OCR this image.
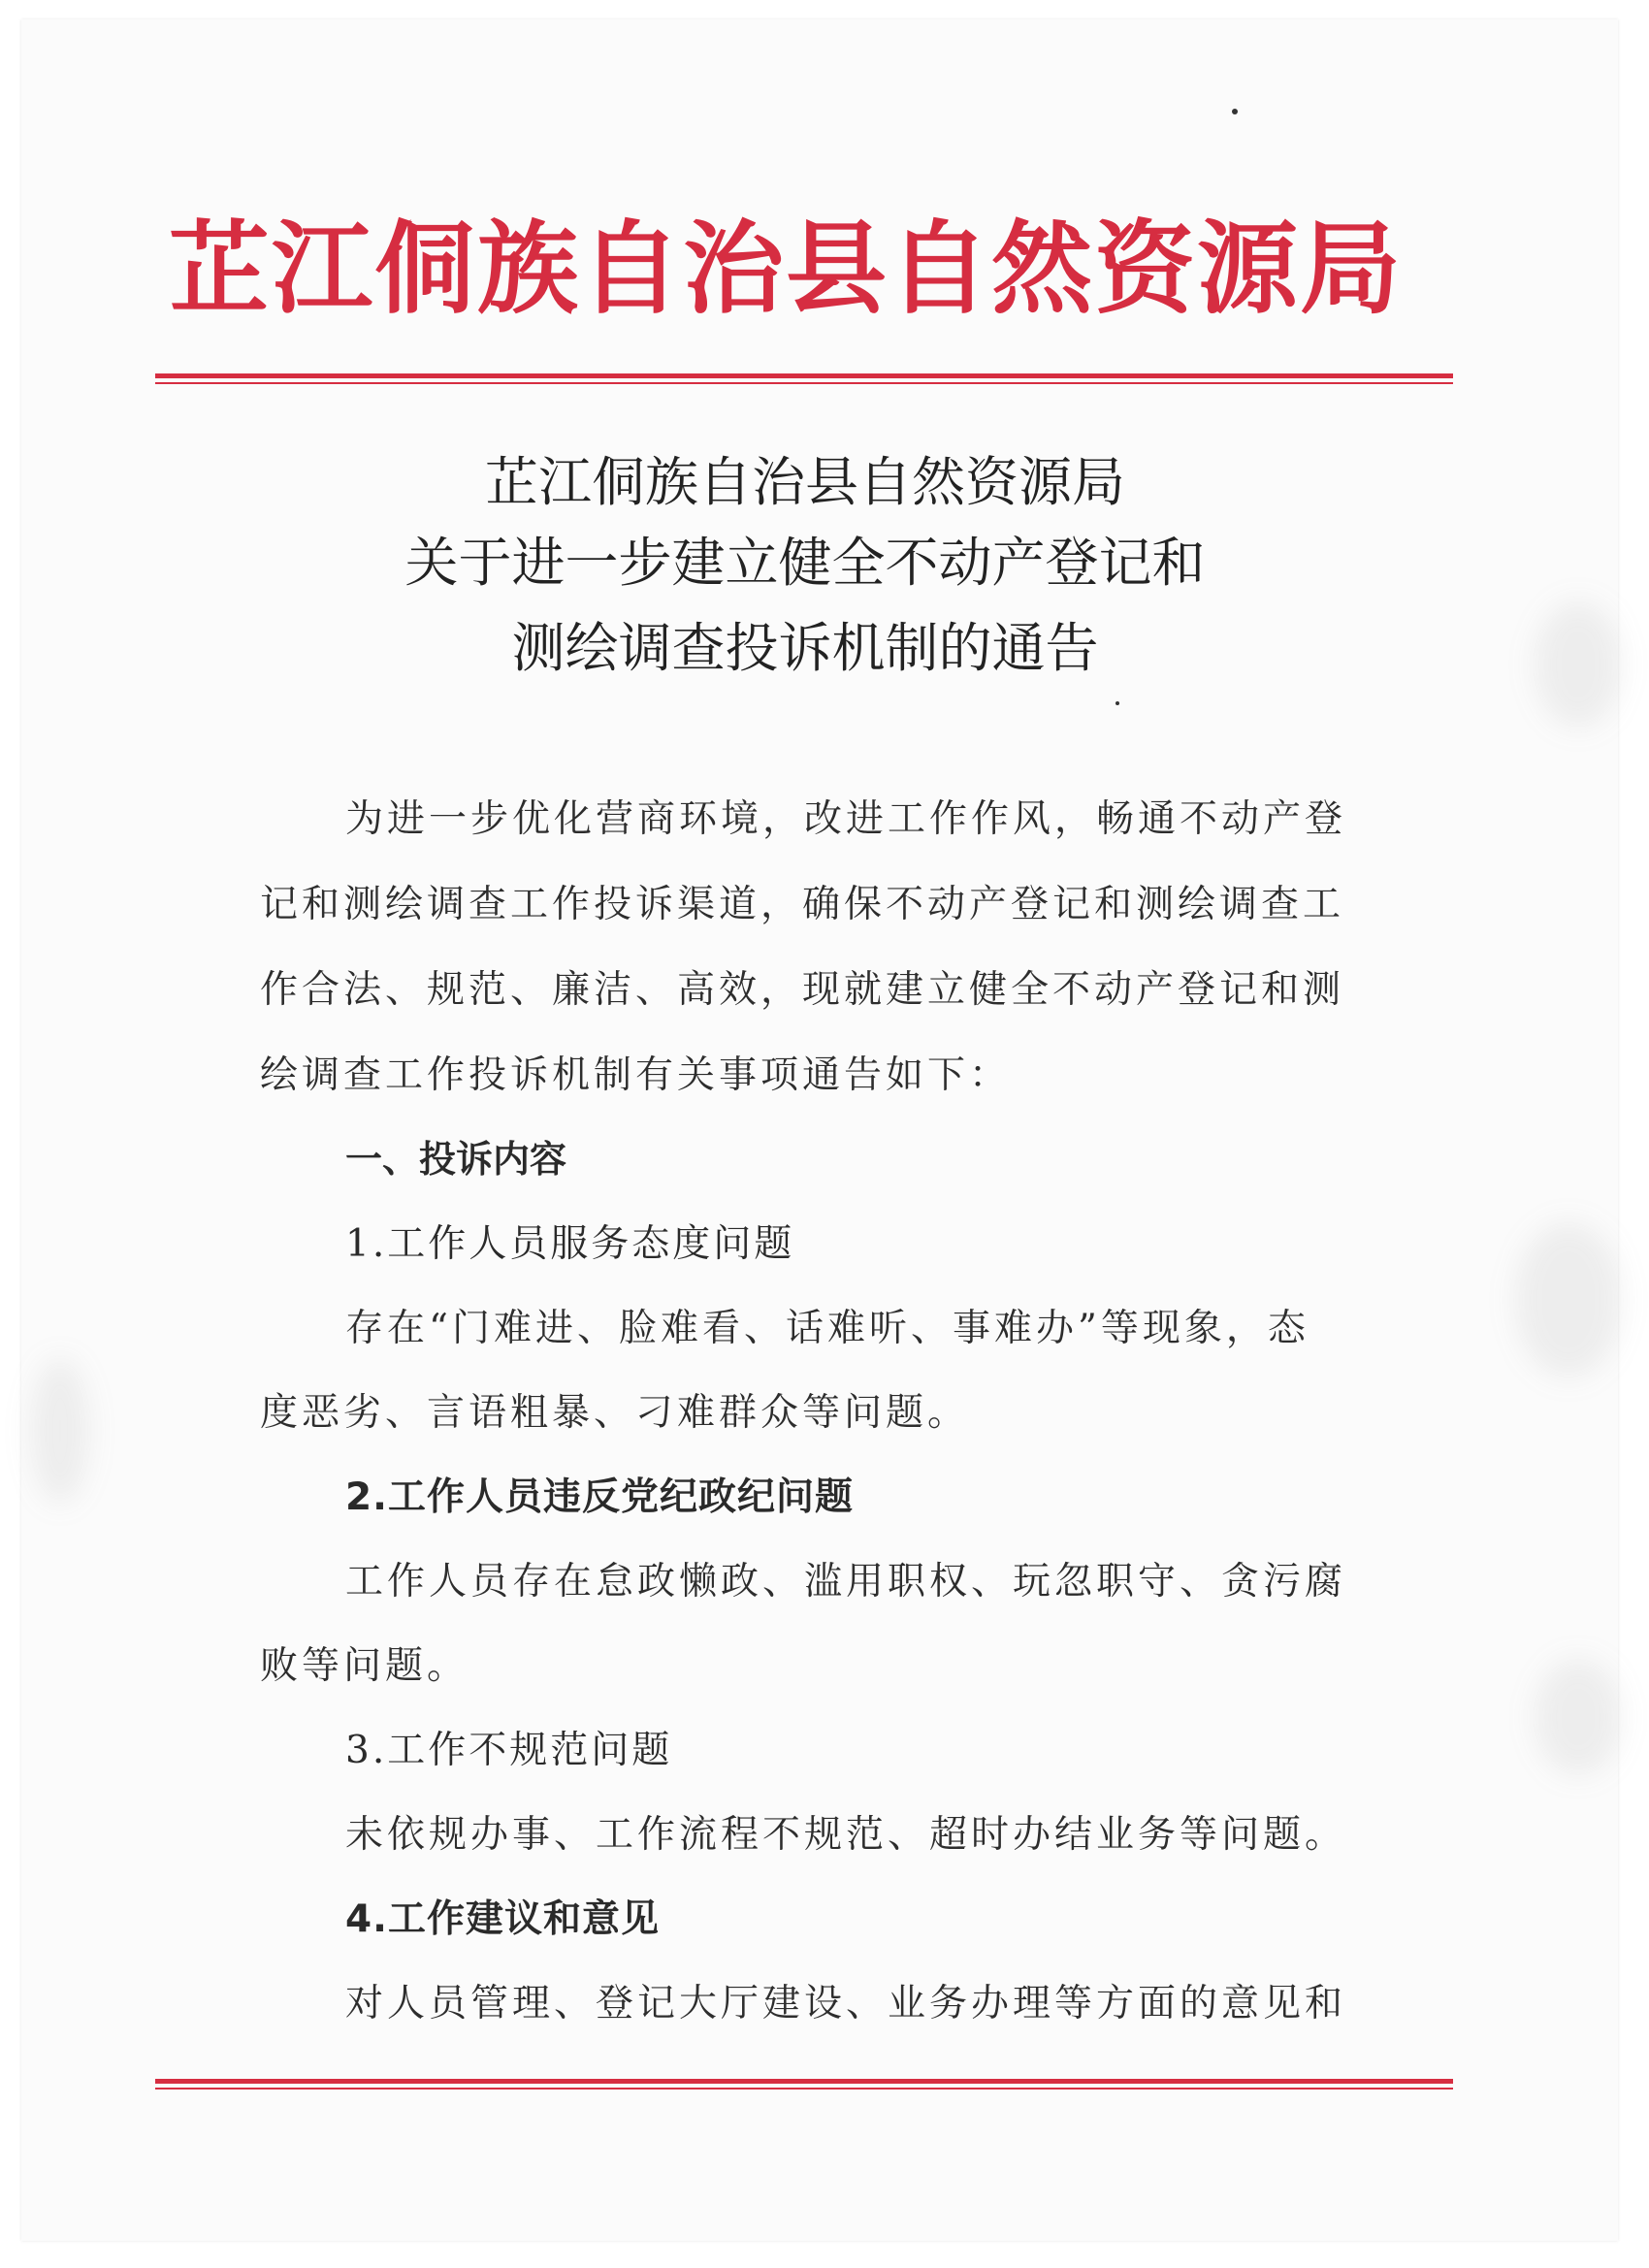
芷江侗族自治县自然资源局
芷江侗族自治县自然资源局
关于进一步建立健全不动产登记和
测绘调查投诉机制的通告
为进一步优化营商环境，改进工作作风，畅通不动产登
记和测绘调查工作投诉渠道，确保不动产登记和测绘调查工
作合法、规范、廉洁、高效，现就建立健全不动产登记和测
绘调查工作投诉机制有关事项通告如下：
一、投诉内容
1.工作人员服务态度问题
存在“门难进、脸难看、话难听、事难办”等现象，态
度恶劣、言语粗暴、刁难群众等问题。
2.工作人员违反党纪政纪问题
工作人员存在怠政懒政、滥用职权、玩忽职守、贪污腐
败等问题。
3.工作不规范问题
未依规办事、工作流程不规范、超时办结业务等问题。
4.工作建议和意见
对人员管理、登记大厅建设、业务办理等方面的意见和
